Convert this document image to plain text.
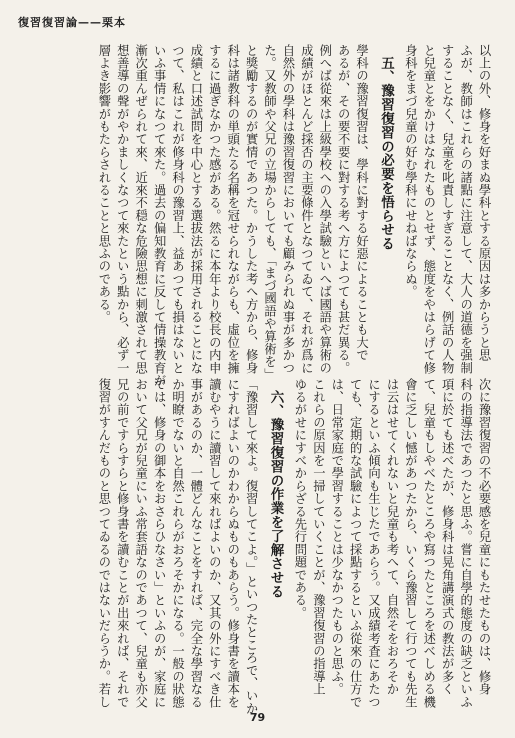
復習復習論——栗本
以上の外、修身を好まぬ學科とする原因は多からうと思
ふが、教師はこれらの諸點に注意して、大人の道德を强制
することなく、兒童を叱責しすぎることなく、例話の人物
と兒童とをかけはなれたものとせず、態度をやはらげて修
身科をまづ兒童の好む學科にせねばならぬ。
五、豫習復習の必要を悟らせる
學科の豫習復習は、學科に對する好惡によることも大で
あるが、その要不要に對する考へ方によつても甚だ異る。
例へば從來は上級學校への入學試驗といへば國語や算術の
成績がほとんど採否の主要條件となつてゐて、それが爲に
自然外の學科は豫習復習においても顧みられぬ事が多かつ
た。又教師や父兄の立場からしても、「まづ國語や算術を」
と獎勵するのが實情であつた。かうした考へ方から、修身
科は諸教科の単頭たる名稱を冠せられながらも、虛位を擁
するに過ぎなかつた感がある。然るに本年より校長の内申
成績と口述試問を中心とする選拔法が採用されることにな
つて、私はこれが修身科の豫習上、益あつても損はないと
いふ事情になつて來た。過去の偏知教育に反して情操教育が
漸次重んぜられて來、近來不穏な危險思想に刺激されて思
想善導の聲がやかましくなつて來たという點から、必ず一
層よき影響がもたらされることと思ふのである。
次に豫習復習の不必要感を兒童にもたせたものは、修身
科の指導法であつたと思ふ。嘗に自學的態度の缺乏といふ
項に於ても述べたが、修身科は晃角講演式の教法が多く
て、兒童もしやべたところや寫つたところを述べしめる機
會に乏しい憾があつたから、いくら豫習して行つても先生
は云はせてくれないと兒童も考へて、自然そをおろそか
にするといふ傾向も生じたであらう。又成績考査にあたつ
ても、定期的な試驗によつて採點するといふ從來の仕方で
は、日常家庭で學習することは少なかつたものと思ふ。
これらの原因を一掃していくことが、豫習復習の指導上
ゆるがせにすべからざる先行問題である。
六、豫習復習の作業を了解させる
「豫習して來よ。復習してこよ。」といつたところで、いか
にすればよいのかわからぬものもあらう。修身書を讀本を
讀むやうに讀習して來ればよいのか、又其の外にすべき仕
事があるのか、一體どんなことをすれば、完全な學習なる
か明瞭でないと自然これらがおろそかになる。一般の狀態
では、修身の御本をおさらひなさい」といふのが、家庭に
おいて父兄が兒童にいふ常套語なのであつて、兒童も亦父
兄の前ですらすらと修身書を讀むことが出來れば、それで
復習がすんだものと思つてゐるのではないだらうか。若し
79
